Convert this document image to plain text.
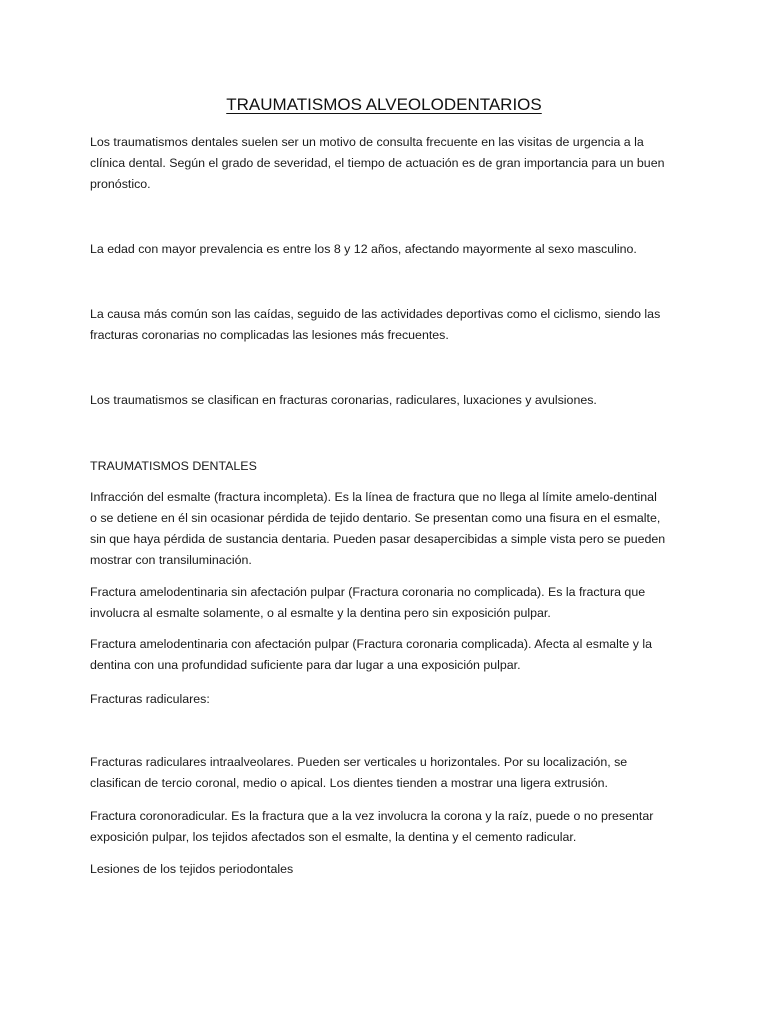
TRAUMATISMOS ALVEOLODENTARIOS

Los traumatismos dentales suelen ser un motivo de consulta frecuente en las visitas de urgencia a la
clínica dental. Según el grado de severidad, el tiempo de actuación es de gran importancia para un buen
pronóstico.

La edad con mayor prevalencia es entre los 8 y 12 años, afectando mayormente al sexo masculino.

La causa más común son las caídas, seguido de las actividades deportivas como el ciclismo, siendo las
fracturas coronarias no complicadas las lesiones más frecuentes.

Los traumatismos se clasifican en fracturas coronarias, radiculares, luxaciones y avulsiones.

TRAUMATISMOS DENTALES

Infracción del esmalte (fractura incompleta). Es la línea de fractura que no llega al límite amelo-dentinal
o se detiene en él sin ocasionar pérdida de tejido dentario. Se presentan como una fisura en el esmalte,
sin que haya pérdida de sustancia dentaria. Pueden pasar desapercibidas a simple vista pero se pueden
mostrar con transiluminación.

Fractura amelodentinaria sin afectación pulpar (Fractura coronaria no complicada). Es la fractura que
involucra al esmalte solamente, o al esmalte y la dentina pero sin exposición pulpar.

Fractura amelodentinaria con afectación pulpar (Fractura coronaria complicada). Afecta al esmalte y la
dentina con una profundidad suficiente para dar lugar a una exposición pulpar.

Fracturas radiculares:

Fracturas radiculares intraalveolares. Pueden ser verticales u horizontales. Por su localización, se
clasifican de tercio coronal, medio o apical. Los dientes tienden a mostrar una ligera extrusión.

Fractura coronoradicular. Es la fractura que a la vez involucra la corona y la raíz, puede o no presentar
exposición pulpar, los tejidos afectados son el esmalte, la dentina y el cemento radicular.

Lesiones de los tejidos periodontales
